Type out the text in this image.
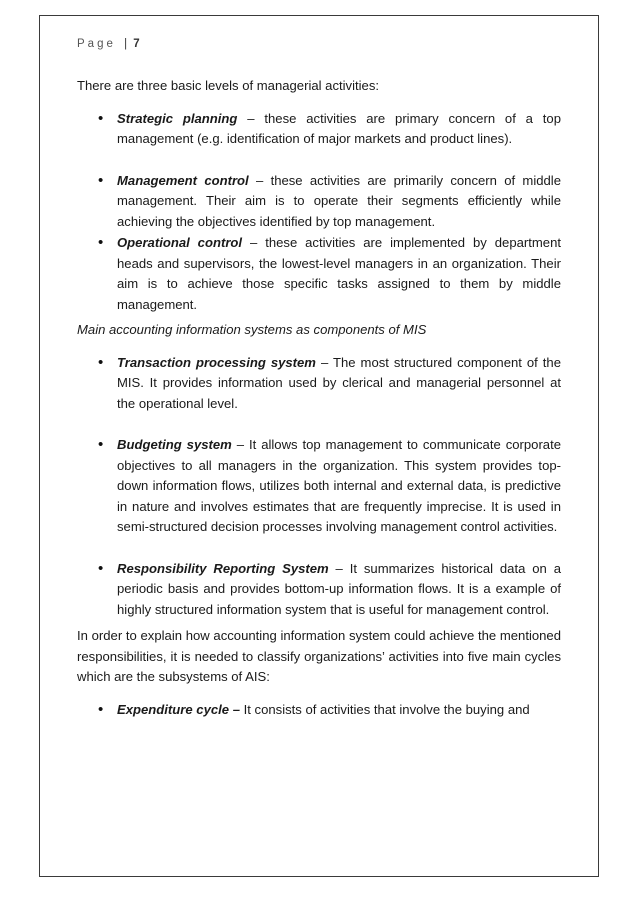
Page | 7

There are three basic levels of managerial activities:

• Strategic planning – these activities are primary concern of a top management (e.g. identification of major markets and product lines).
• Management control – these activities are primarily concern of middle management. Their aim is to operate their segments efficiently while achieving the objectives identified by top management.
• Operational control – these activities are implemented by department heads and supervisors, the lowest-level managers in an organization. Their aim is to achieve those specific tasks assigned to them by middle management.

Main accounting information systems as components of MIS

• Transaction processing system – The most structured component of the MIS. It provides information used by clerical and managerial personnel at the operational level.
• Budgeting system – It allows top management to communicate corporate objectives to all managers in the organization. This system provides top-down information flows, utilizes both internal and external data, is predictive in nature and involves estimates that are frequently imprecise. It is used in semi-structured decision processes involving management control activities.
• Responsibility Reporting System – It summarizes historical data on a periodic basis and provides bottom-up information flows. It is a example of highly structured information system that is useful for management control.

In order to explain how accounting information system could achieve the mentioned responsibilities, it is needed to classify organizations’ activities into five main cycles which are the subsystems of AIS:

• Expenditure cycle – It consists of activities that involve the buying and
